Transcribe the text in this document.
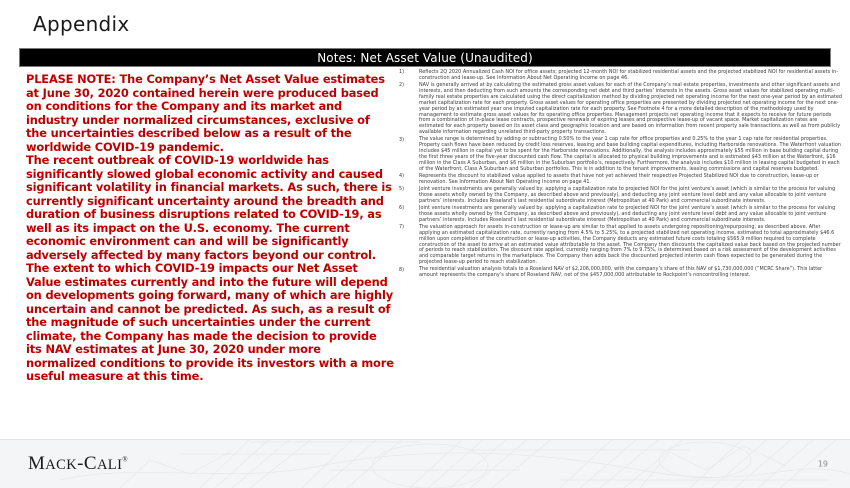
Appendix
Notes: Net Asset Value (Unaudited)

PLEASE NOTE: The Company’s Net Asset Value estimates at June 30, 2020 contained herein were produced based on conditions for the Company and its market and industry under normalized circumstances, exclusive of the uncertainties described below as a result of the worldwide COVID-19 pandemic.

The recent outbreak of COVID-19 worldwide has significantly slowed global economic activity and caused significant volatility in financial markets. As such, there is currently significant uncertainty around the breadth and duration of business disruptions related to COVID-19, as well as its impact on the U.S. economy. The current economic environment can and will be significantly adversely affected by many factors beyond our control. The extent to which COVID-19 impacts our Net Asset Value estimates currently and into the future will depend on developments going forward, many of which are highly uncertain and cannot be predicted. As such, as a result of the magnitude of such uncertainties under the current climate, the Company has made the decision to provide its NAV estimates at June 30, 2020 under more normalized conditions to provide its investors with a more useful measure at this time.

1)	Reflects 2Q 2020 Annualized Cash NOI for office assets; projected 12-month NOI for stabilized residential assets and the projected stabilized NOI for residential assets in-construction and lease-up. See Information About Net Operating Income on page 46.
2)	NAV is generally arrived at by calculating the estimated gross asset values for each of the Company’s real estate properties, investments and other significant assets and interests, and then deducting from such amounts the corresponding net debt and third parties’ interests in the assets. Gross asset values for stabilized operating multi-family real estate properties are calculated using the direct capitalization method by dividing projected net operating income for the next one-year period by an estimated market capitalization rate for each property. Gross asset values for operating office properties are presented by dividing projected net operating income for the next one-year period by an estimated year one imputed capitalization rate for each property. See Footnote 4 for a more detailed description of the methodology used by management to estimate gross asset values for its operating office properties. Management projects net operating income that it expects to receive for future periods from a combination of in-place lease contracts, prospective renewals of expiring leases and prospective lease-up of vacant space. Market capitalization rates are estimated for each property based on its asset class and geographic location and are based on information from recent property sale transactions as well as from publicly available information regarding unrelated third-party property transactions.
3)	The value range is determined by adding or subtracting 0.50% to the year 1 cap rate for office properties and 0.25% to the year 1 cap rate for residential properties. Property cash flows have been reduced by credit loss reserves, leasing and base building capital expenditures, including Harborside renovations. The Waterfront valuation includes $45 million in capital yet to be spent for the Harborside renovations. Additionally, the analysis includes approximately $55 million in base building capital during the first three years of the five-year discounted cash flow. The capital is allocated to physical building improvements and is estimated $43 million at the Waterfront, $16 million in the Class A Suburban, and $6 million in the Suburban portfolio’s, respectively. Furthermore, the analysis includes $10 million in leasing capital budgeted in each of the Waterfront, Class A Suburban and Suburban portfolios. This is in addition to the tenant improvements, leasing commissions and capital reserves budgeted.
4)	Represents the discount to stabilized value applied to assets that have not yet achieved their respective Projected Stabilized NOI due to construction, lease-up or renovation. See Information About Net Operating Income on page 41.
5)	Joint venture investments are generally valued by: applying a capitalization rate to projected NOI for the joint venture’s asset (which is similar to the process for valuing those assets wholly owned by the Company, as described above and previously), and deducting any joint venture level debt and any value allocable to joint venture partners’ interests. Includes Roseland’s last residential subordinate interest (Metropolitan at 40 Park) and commercial subordinate interests.
6)	Joint venture investments are generally valued by: applying a capitalization rate to projected NOI for the joint venture’s asset (which is similar to the process for valuing those assets wholly owned by the Company, as described above and previously), and deducting any joint venture level debt and any value allocable to joint venture partners’ interests. Includes Roseland’s last residential subordinate interest (Metropolitan at 40 Park) and commercial subordinate interests.
7)	The valuation approach for assets in-construction or lease-up are similar to that applied to assets undergoing repositioning/repurposing, as described above. After applying an estimated capitalization rate, currently ranging from 4.5% to 5.25%, to a projected stabilized net operating income, estimated to total approximately $46.6 million upon completion of the construction or lease-up activities, the Company deducts any estimated future costs totaling $565.9 million required to complete construction of the asset to arrive at an estimated value attributable to the asset. The Company then discounts the capitalized value back based on the projected number of periods to reach stabilization. The discount rate applied, currently ranging from 7% to 9.75%, is determined based on a risk assessment of the development activities and comparable target returns in the marketplace. The Company then adds back the discounted projected interim cash flows expected to be generated during the projected lease-up period to reach stabilization.
8)	The residential valuation analysis totals to a Roseland NAV of $2,206,000,000, with the company’s share of this NAV of $1,730,000,000 (“MCRC Share”). This latter amount represents the company’s share of Roseland NAV, net of the $457,000,000 attributable to Rockpoint’s noncontrolling interest.
MACK-CALI®	19
